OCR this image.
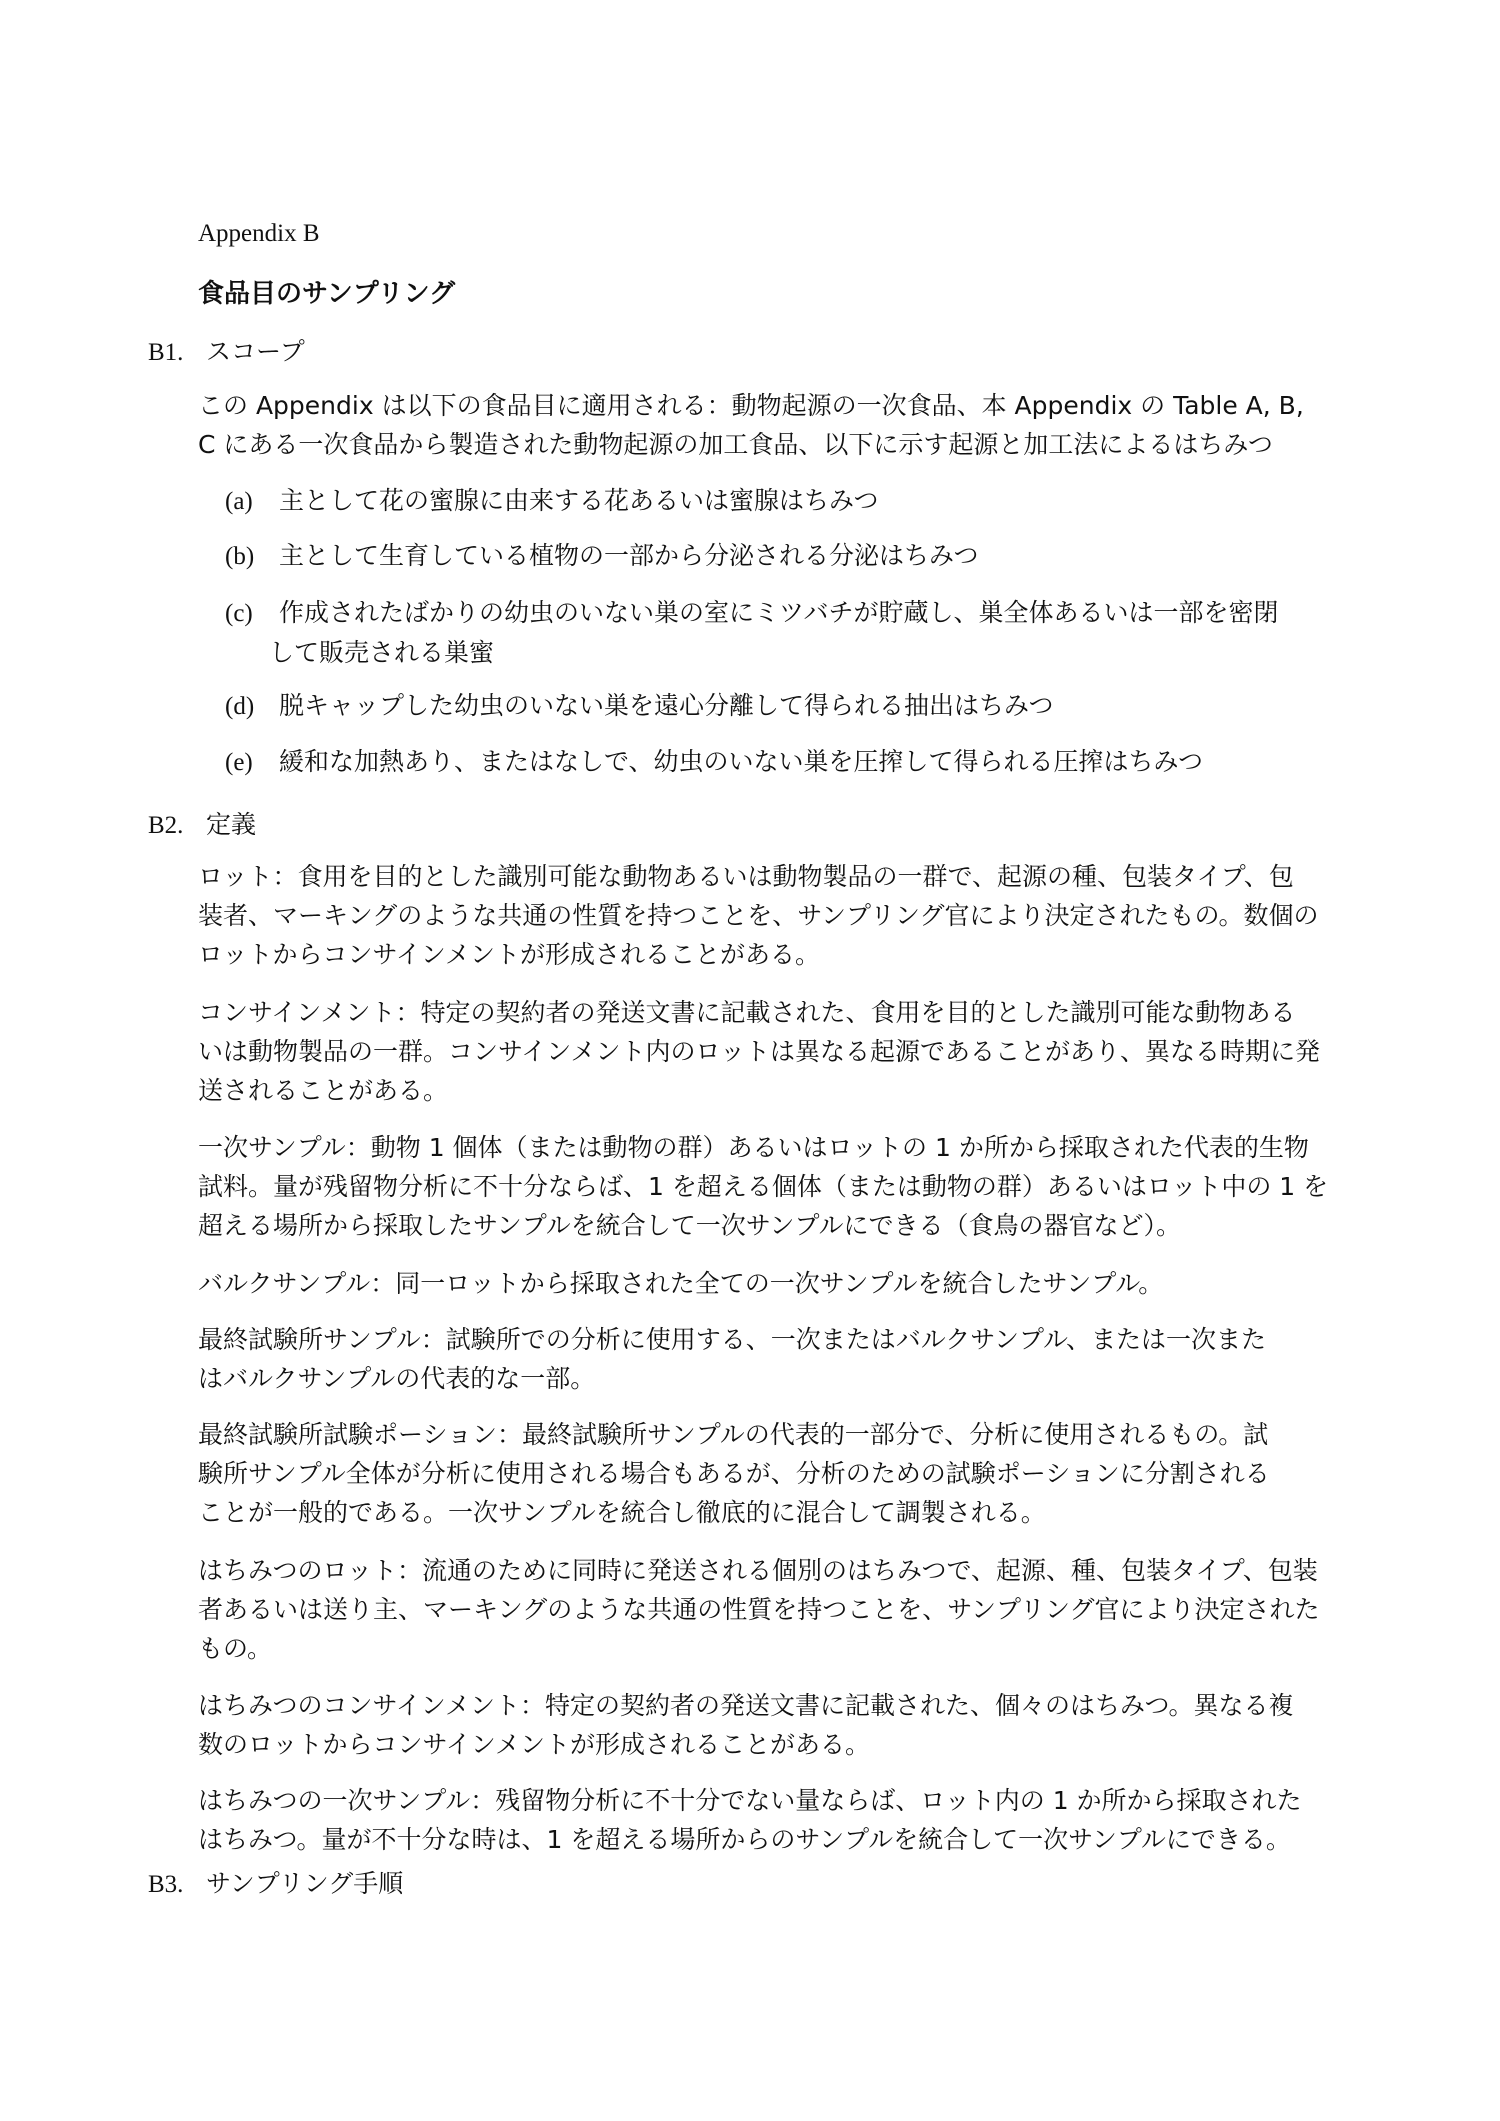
Appendix B
食品目のサンプリング
B1. スコープ

この Appendix は以下の食品目に適用される：動物起源の一次食品、本 Appendix の Table A, B,
C にある一次食品から製造された動物起源の加工食品、以下に示す起源と加工法によるはちみつ

(a) 主として花の蜜腺に由来する花あるいは蜜腺はちみつ
(b) 主として生育している植物の一部から分泌される分泌はちみつ
(c) 作成されたばかりの幼虫のいない巣の室にミツバチが貯蔵し、巣全体あるいは一部を密閉
して販売される巣蜜
(d) 脱キャップした幼虫のいない巣を遠心分離して得られる抽出はちみつ
(e) 緩和な加熱あり、またはなしで、幼虫のいない巣を圧搾して得られる圧搾はちみつ
B2. 定義

ロット：食用を目的とした識別可能な動物あるいは動物製品の一群で、起源の種、包装タイプ、包
装者、マーキングのような共通の性質を持つことを、サンプリング官により決定されたもの。数個の
ロットからコンサインメントが形成されることがある。

コンサインメント：特定の契約者の発送文書に記載された、食用を目的とした識別可能な動物ある
いは動物製品の一群。コンサインメント内のロットは異なる起源であることがあり、異なる時期に発
送されることがある。

一次サンプル：動物 1 個体（または動物の群）あるいはロットの 1 か所から採取された代表的生物
試料。量が残留物分析に不十分ならば、1 を超える個体（または動物の群）あるいはロット中の 1 を
超える場所から採取したサンプルを統合して一次サンプルにできる（食鳥の器官など）。

バルクサンプル：同一ロットから採取された全ての一次サンプルを統合したサンプル。

最終試験所サンプル：試験所での分析に使用する、一次またはバルクサンプル、または一次また
はバルクサンプルの代表的な一部。

最終試験所試験ポーション：最終試験所サンプルの代表的一部分で、分析に使用されるもの。試
験所サンプル全体が分析に使用される場合もあるが、分析のための試験ポーションに分割される
ことが一般的である。一次サンプルを統合し徹底的に混合して調製される。

はちみつのロット：流通のために同時に発送される個別のはちみつで、起源、種、包装タイプ、包装
者あるいは送り主、マーキングのような共通の性質を持つことを、サンプリング官により決定された
もの。

はちみつのコンサインメント：特定の契約者の発送文書に記載された、個々のはちみつ。異なる複
数のロットからコンサインメントが形成されることがある。

はちみつの一次サンプル：残留物分析に不十分でない量ならば、ロット内の 1 か所から採取された
はちみつ。量が不十分な時は、1 を超える場所からのサンプルを統合して一次サンプルにできる。

B3. サンプリング手順
